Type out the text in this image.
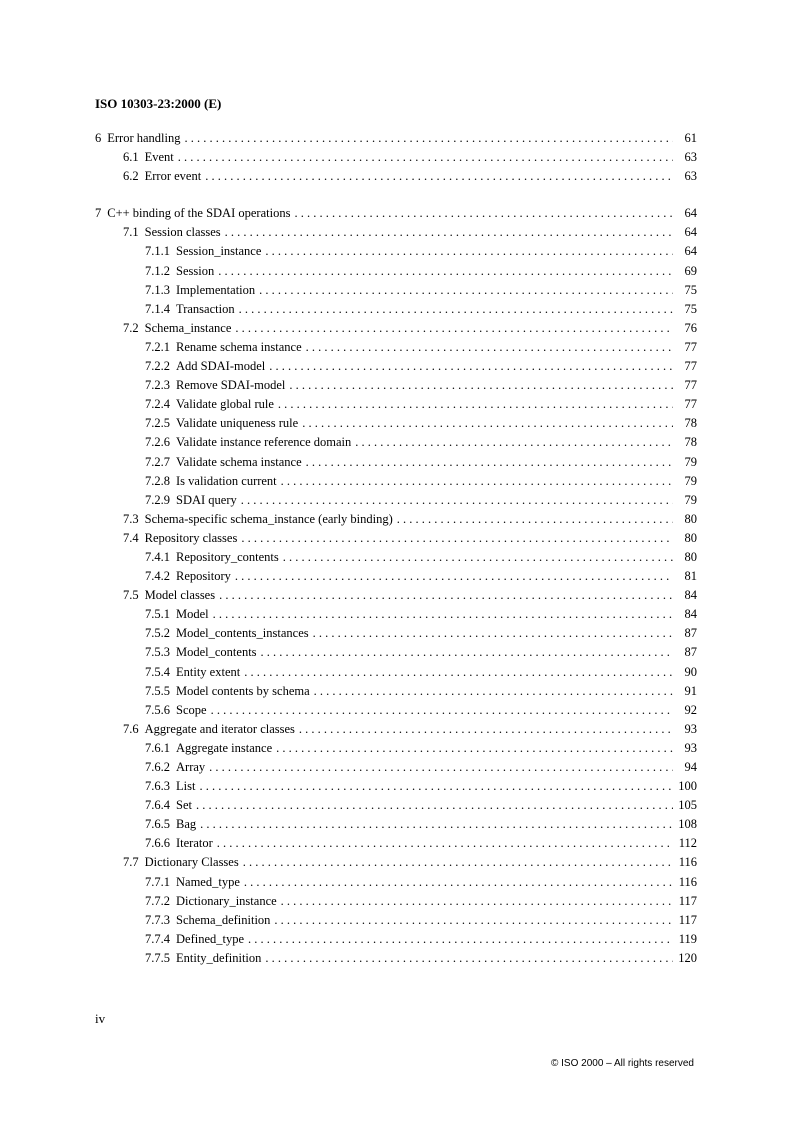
ISO 10303-23:2000 (E)
6 Error handling . . .	61
6.1 Event . . .	63
6.2 Error event . . .	63
7 C++ binding of the SDAI operations . . .	64
7.1 Session classes . . .	64
7.1.1 Session_instance . . .	64
7.1.2 Session . . .	69
7.1.3 Implementation . . .	75
7.1.4 Transaction . . .	75
7.2 Schema_instance . . .	76
7.2.1 Rename schema instance . . .	77
7.2.2 Add SDAI-model . . .	77
7.2.3 Remove SDAI-model . . .	77
7.2.4 Validate global rule . . .	77
7.2.5 Validate uniqueness rule . . .	78
7.2.6 Validate instance reference domain . . .	78
7.2.7 Validate schema instance . . .	79
7.2.8 Is validation current . . .	79
7.2.9 SDAI query . . .	79
7.3 Schema-specific schema_instance (early binding) . . .	80
7.4 Repository classes . . .	80
7.4.1 Repository_contents . . .	80
7.4.2 Repository . . .	81
7.5 Model classes . . .	84
7.5.1 Model . . .	84
7.5.2 Model_contents_instances . . .	87
7.5.3 Model_contents . . .	87
7.5.4 Entity extent . . .	90
7.5.5 Model contents by schema . . .	91
7.5.6 Scope . . .	92
7.6 Aggregate and iterator classes . . .	93
7.6.1 Aggregate instance . . .	93
7.6.2 Array . . .	94
7.6.3 List . . .	100
7.6.4 Set . . .	105
7.6.5 Bag . . .	108
7.6.6 Iterator . . .	112
7.7 Dictionary Classes . . .	116
7.7.1 Named_type . . .	116
7.7.2 Dictionary_instance . . .	117
7.7.3 Schema_definition . . .	117
7.7.4 Defined_type . . .	119
7.7.5 Entity_definition . . .	120
iv
© ISO 2000 – All rights reserved
